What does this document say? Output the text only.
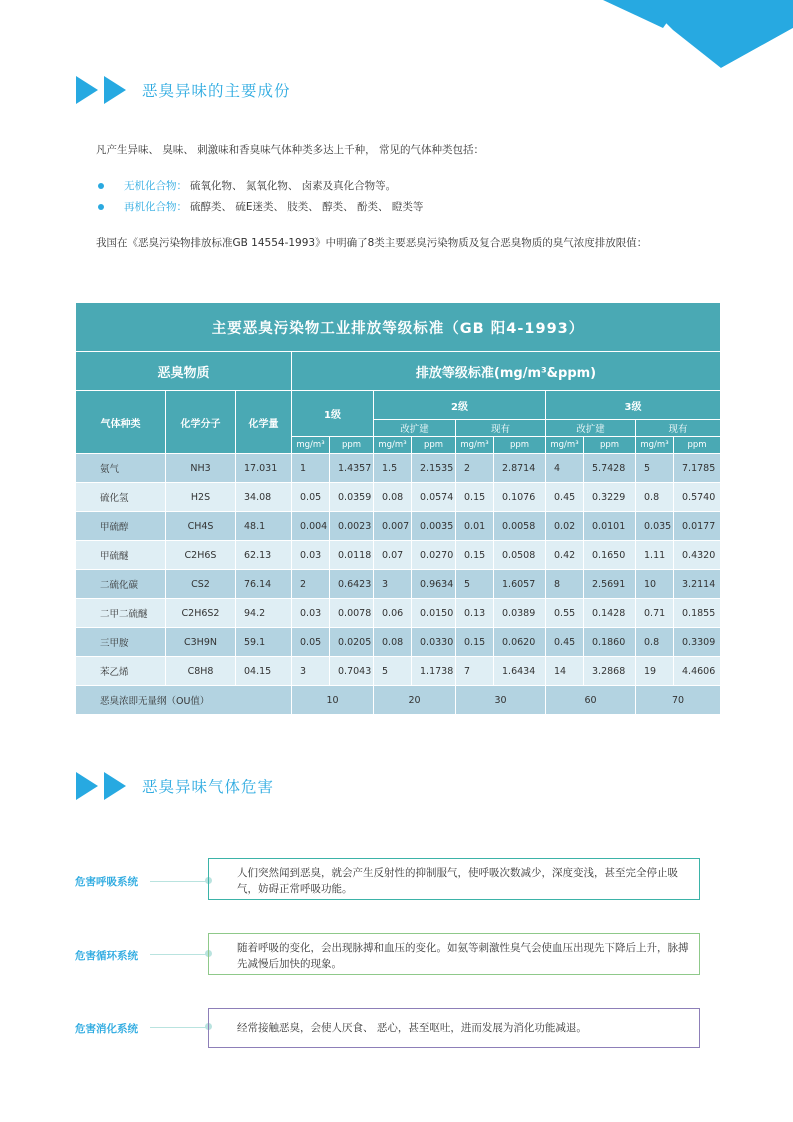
恶臭异味的主要成份
凡产生异味、 臭味、 刺激味和香臭味气体种类多达上千种， 常见的气体种类包括：
无机化合物： 硫氧化物、 氮氧化物、 卤素及真化合物等。
再机化合物： 硫醇类、 硫E迷类、 肢类、 醇类、 酚类、 瞪类等
我国在《恶臭污染物排放标准GB 14554-1993》中明确了8类主要恶臭污染物质及复合恶臭物质的臭气浓度排放限值：
主要恶臭污染物工业排放等级标准（GB 阳4-1993）												
恶臭物质			排放等级标准(mg/m³&ppm)									
气体种类	化学分子	化学量	1级		2级				3级			
					改扩建		现有		改扩建		现有	
			mg/m³	ppm	mg/m³	ppm	mg/m³	ppm	mg/m³	ppm	mg/m³	ppm
氨气	NH3	17.031	1	1.4357	1.5	2.1535	2	2.8714	4	5.7428	5	7.1785
硫化氢	H2S	34.08	0.05	0.0359	0.08	0.0574	0.15	0.1076	0.45	0.3229	0.8	0.5740
甲硫醇	CH4S	48.1	0.004	0.0023	0.007	0.0035	0.01	0.0058	0.02	0.0101	0.035	0.0177
甲硫醚	C2H6S	62.13	0.03	0.0118	0.07	0.0270	0.15	0.0508	0.42	0.1650	1.11	0.4320
二硫化碳	CS2	76.14	2	0.6423	3	0.9634	5	1.6057	8	2.5691	10	3.2114
二甲二硫醚	C2H6S2	94.2	0.03	0.0078	0.06	0.0150	0.13	0.0389	0.55	0.1428	0.71	0.1855
三甲胺	C3H9N	59.1	0.05	0.0205	0.08	0.0330	0.15	0.0620	0.45	0.1860	0.8	0.3309
苯乙烯	C8H8	04.15	3	0.7043	5	1.1738	7	1.6434	14	3.2868	19	4.4606
恶臭浓即无量纲（OU值）			10		20		30		60		70	
恶臭异味气体危害
危害呼吸系统
人们突然闻到恶臭，就会产生反射性的抑制服气，使呼吸次数减少，深度变浅，甚至完全停止吸气，妨碍正常呼吸功能。
危害循环系统
随着呼吸的变化，会出现脉搏和血压的变化。如氨等刺激性臭气会使血压出现先下降后上升，脉搏先减慢后加快的现象。
危害消化系统	经常接触恶臭，会使人厌食、 恶心，甚至呕吐，进而发展为消化功能减退。
